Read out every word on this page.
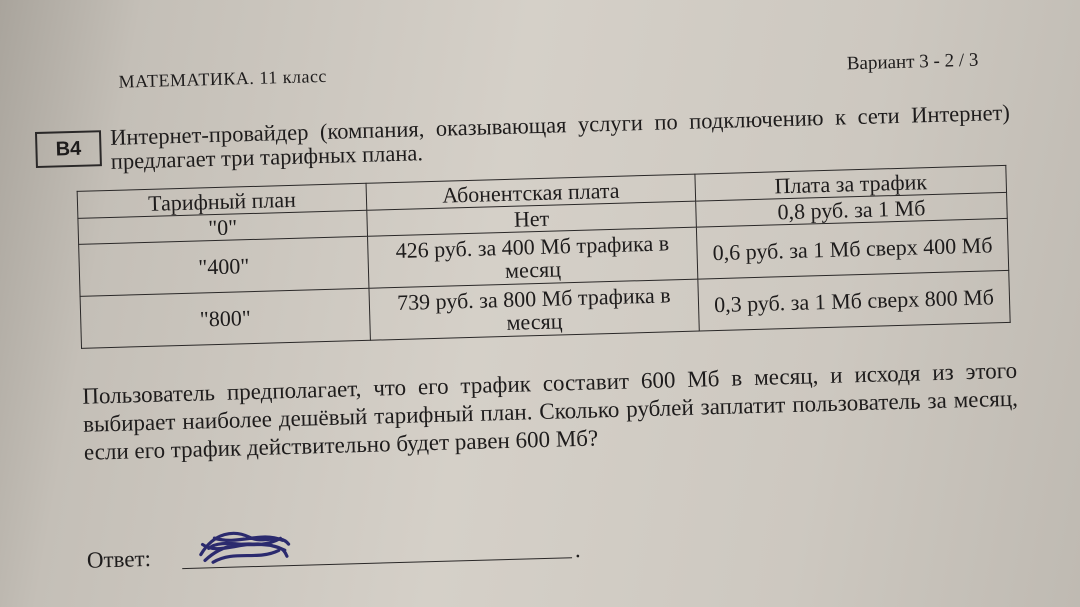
МАТЕМАТИКА. 11 класс
Вариант 3 - 2 / 3
B4	Интернет-провайдер (компания, оказывающая услуги по подключению к сети Интернет) предлагает три тарифных плана.
Тарифный план	Абонентская плата	Плата за трафик
"0"	Нет	0,8 руб. за 1 Мб
"400"	426 руб. за 400 Мб трафика в месяц	0,6 руб. за 1 Мб сверх 400 Мб
"800"	739 руб. за 800 Мб трафика в месяц	0,3 руб. за 1 Мб сверх 800 Мб
Пользователь предполагает, что его трафик составит 600 Мб в месяц, и исходя из этого выбирает наиболее дешёвый тарифный план. Сколько рублей заплатит пользователь за месяц, если его трафик действительно будет равен 600 Мб?
Ответ:	.
